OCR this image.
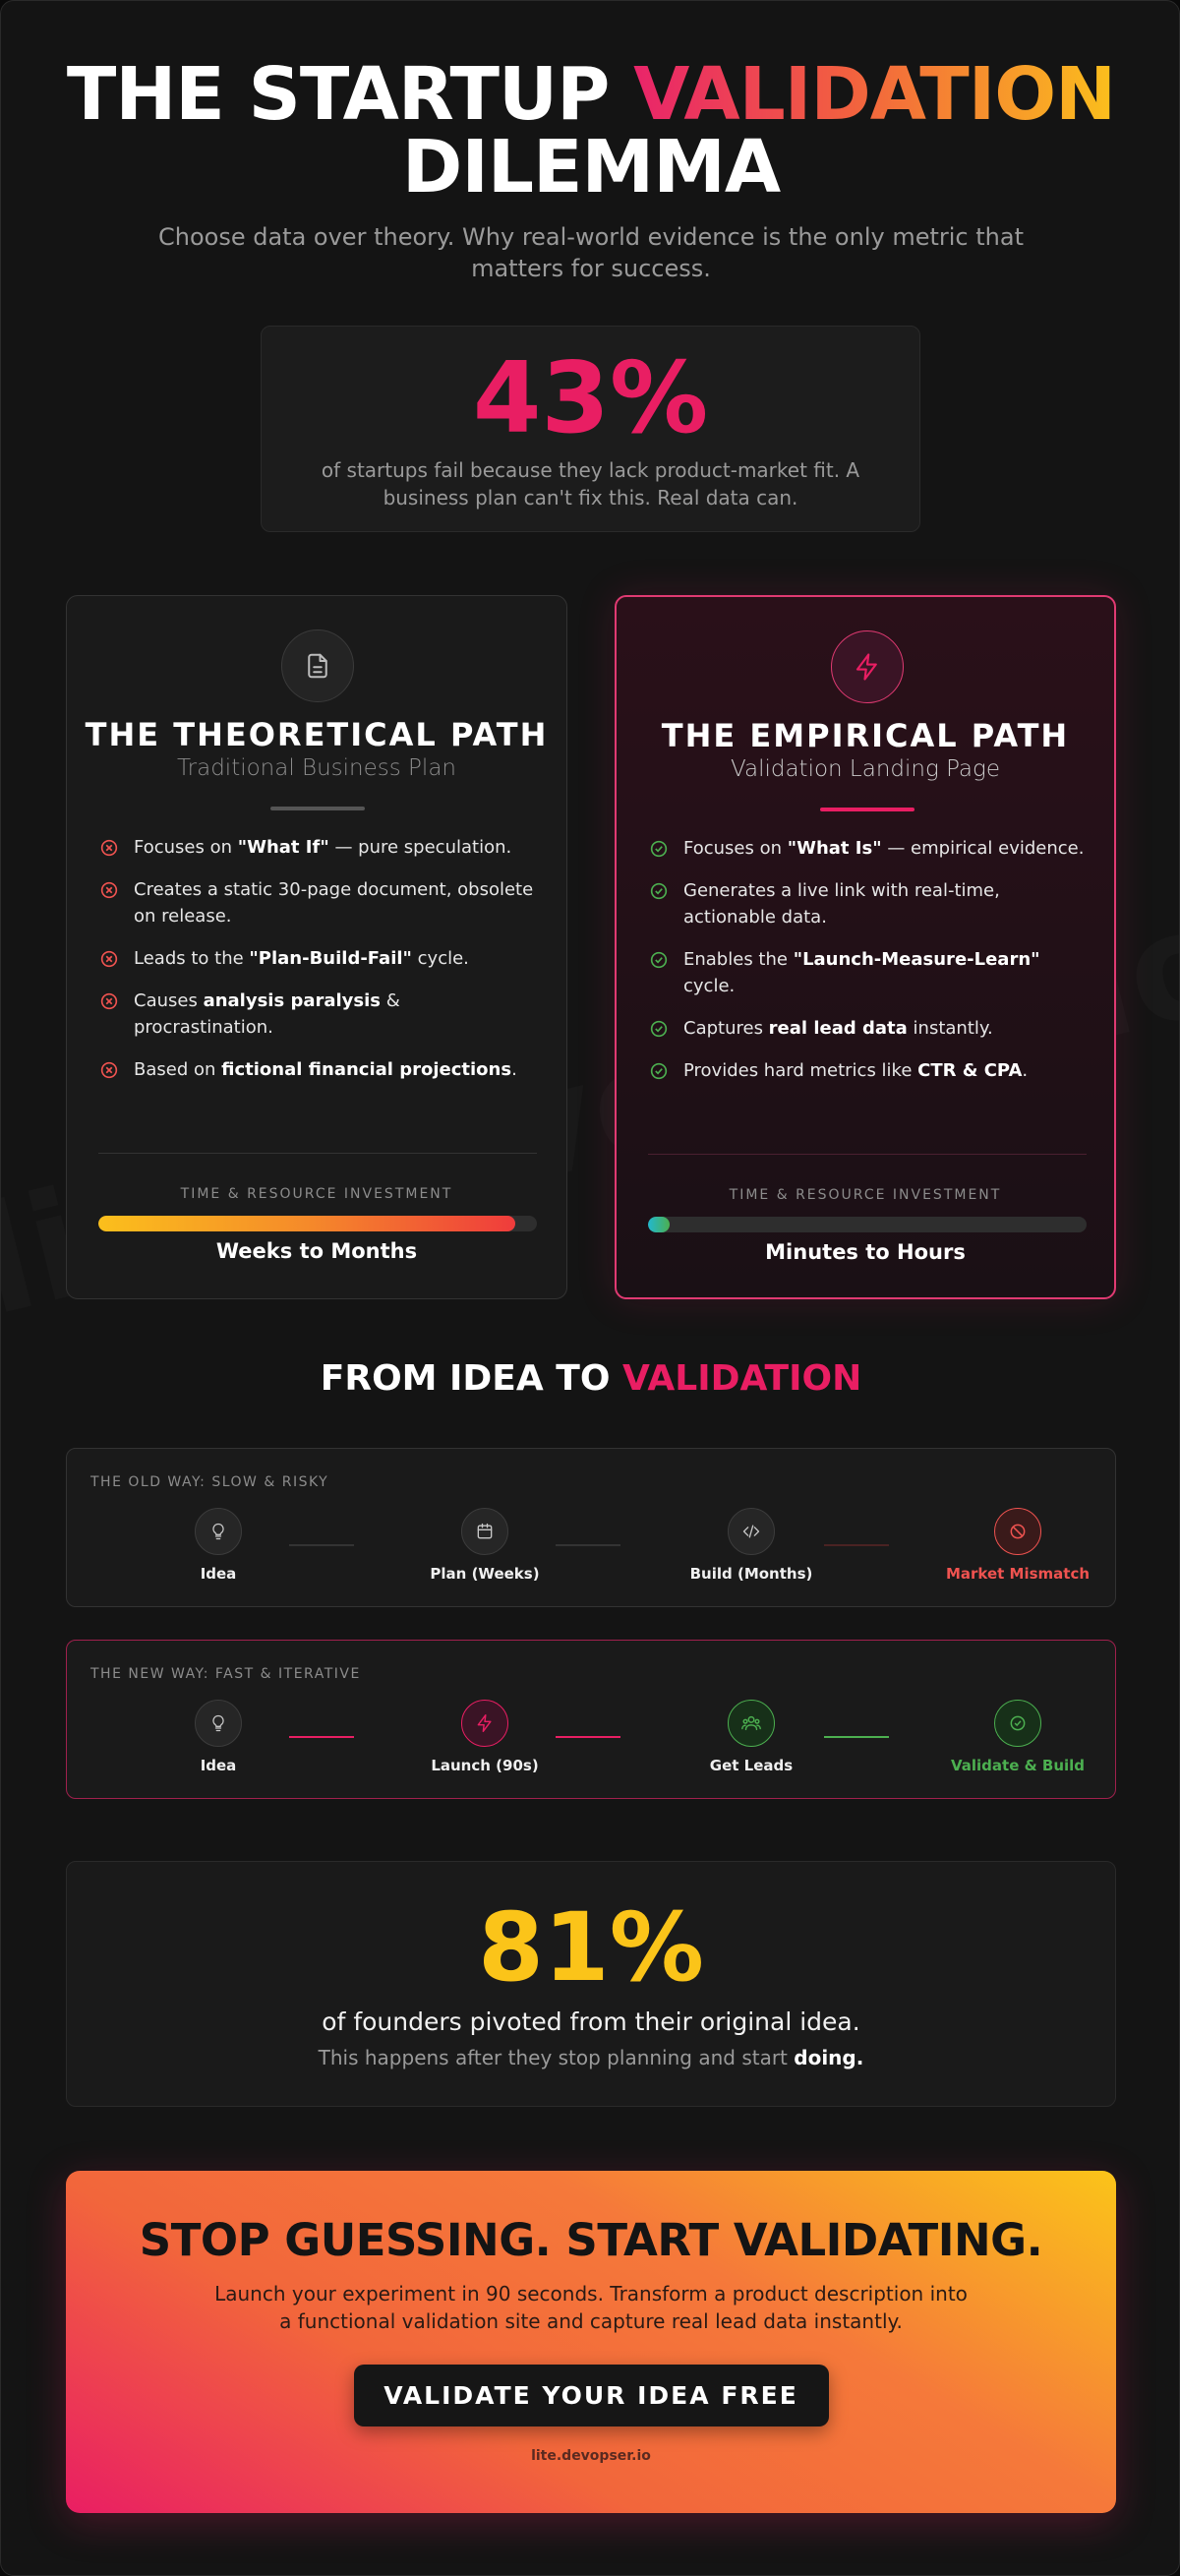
THE STARTUP VALIDATION
DILEMMA

Choose data over theory. Why real-world evidence is the only metric that matters for success.

43%
of startups fail because they lack product-market fit. A business plan can't fix this. Real data can.
THE THEORETICAL PATH
Traditional Business Plan
Focuses on "What If" — pure speculation.
Creates a static 30-page document, obsolete on release.
Leads to the "Plan-Build-Fail" cycle.
Causes analysis paralysis & procrastination.
Based on fictional financial projections.
TIME & RESOURCE INVESTMENT
Weeks to Months
THE EMPIRICAL PATH
Validation Landing Page
Focuses on "What Is" — empirical evidence.
Generates a live link with real-time, actionable data.
Enables the "Launch-Measure-Learn" cycle.
Captures real lead data instantly.
Provides hard metrics like CTR & CPA.
TIME & RESOURCE INVESTMENT
Minutes to Hours
FROM IDEA TO VALIDATION
THE OLD WAY: SLOW & RISKY
Idea	Plan (Weeks)	Build (Months)	Market Mismatch
THE NEW WAY: FAST & ITERATIVE
Idea	Launch (90s)	Get Leads	Validate & Build
81%
of founders pivoted from their original idea.
This happens after they stop planning and start doing.
STOP GUESSING. START VALIDATING.
Launch your experiment in 90 seconds. Transform a product description into a functional validation site and capture real lead data instantly.
VALIDATE YOUR IDEA FREE
lite.devopser.io
